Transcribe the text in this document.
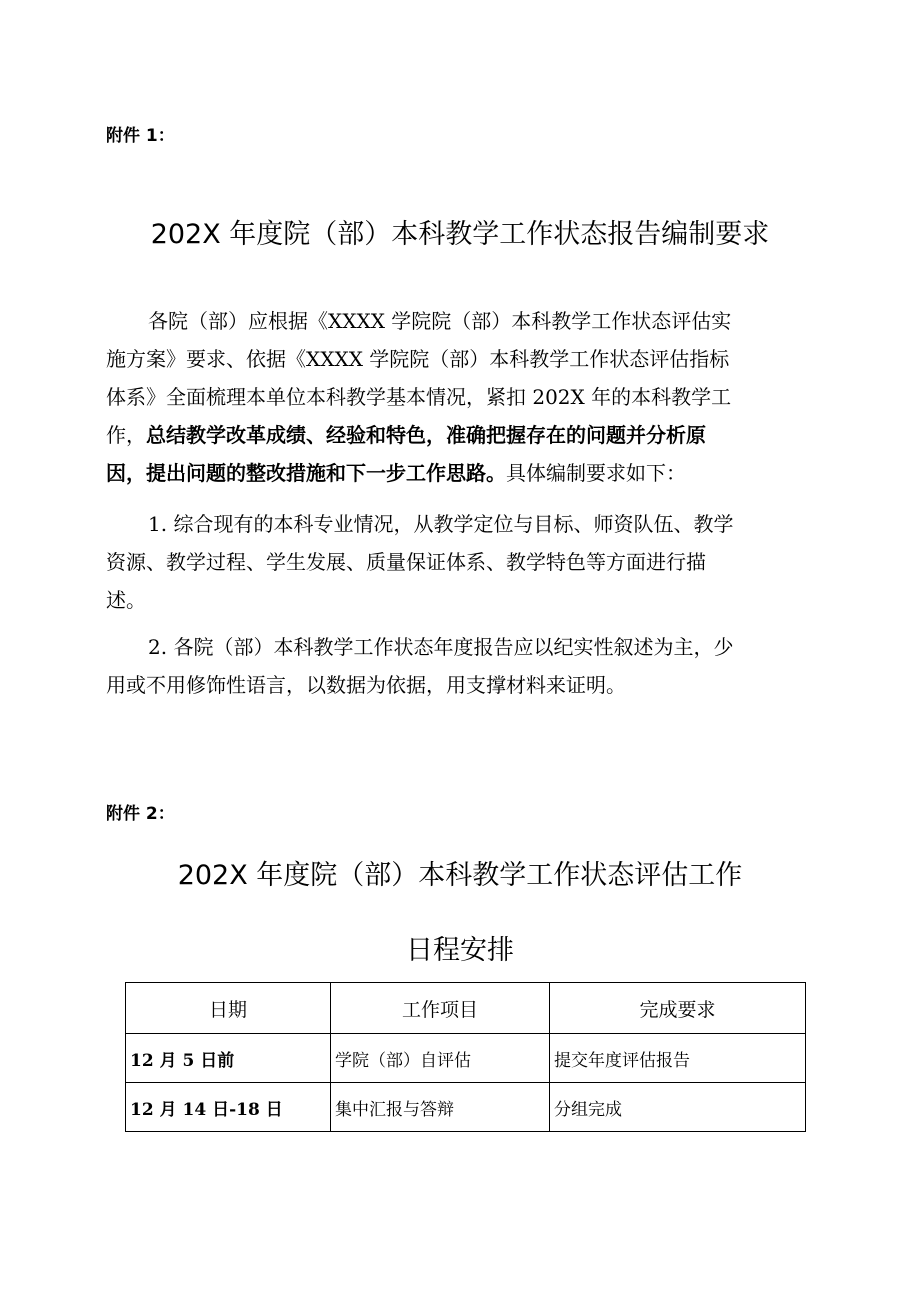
附件 1：
202X 年度院（部）本科教学工作状态报告编制要求
各院（部）应根据《XXXX 学院院（部）本科教学工作状态评估实
施方案》要求、依据《XXXX 学院院（部）本科教学工作状态评估指标
体系》全面梳理本单位本科教学基本情况，紧扣 202X 年的本科教学工
作，总结教学改革成绩、经验和特色，准确把握存在的问题并分析原
因，提出问题的整改措施和下一步工作思路。具体编制要求如下：
1. 综合现有的本科专业情况，从教学定位与目标、师资队伍、教学
资源、教学过程、学生发展、质量保证体系、教学特色等方面进行描
述。
2. 各院（部）本科教学工作状态年度报告应以纪实性叙述为主，少
用或不用修饰性语言，以数据为依据，用支撑材料来证明。
附件 2：
202X 年度院（部）本科教学工作状态评估工作
日程安排
日期	工作项目	完成要求
12 月 5 日前	学院（部）自评估	提交年度评估报告
12 月 14 日-18 日	集中汇报与答辩	分组完成
